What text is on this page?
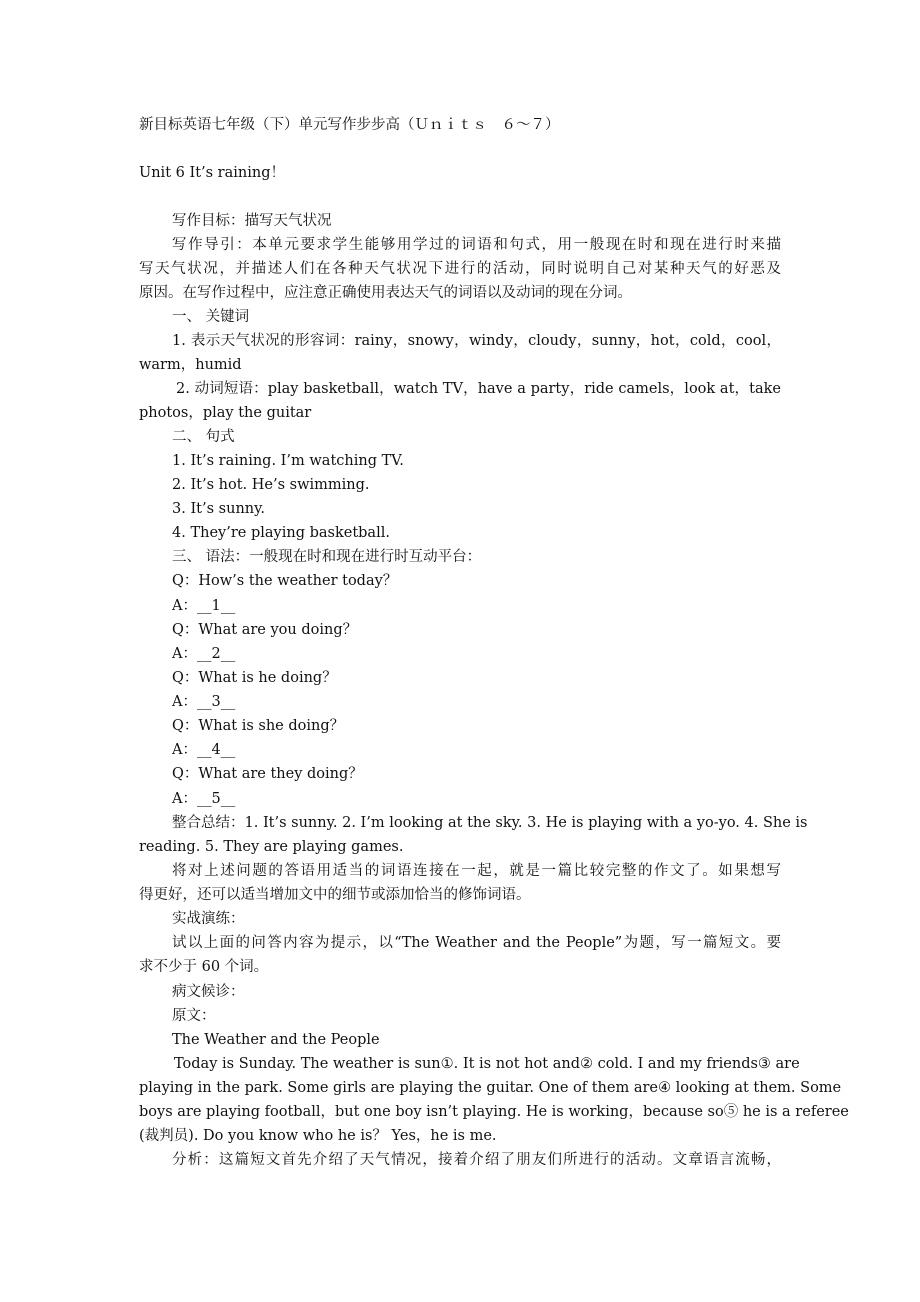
新目标英语七年级（下）单元写作步步高（Ｕｎｉｔｓ　６～７）
Unit 6 It’s raining！
写作目标：描写天气状况
写作导引：本单元要求学生能够用学过的词语和句式，用一般现在时和现在进行时来描
写天气状况，并描述人们在各种天气状况下进行的活动，同时说明自己对某种天气的好恶及
原因。在写作过程中，应注意正确使用表达天气的词语以及动词的现在分词。
一、 关键词
1. 表示天气状况的形容词：rainy，snowy，windy，cloudy，sunny，hot，cold，cool，
warm，humid
2. 动词短语：play basketball，watch TV，have a party，ride camels，look at，take
photos，play the guitar
二、 句式
1. It’s raining. I’m watching TV.
2. It’s hot. He’s swimming.
3. It’s sunny.
4. They’re playing basketball.
三、 语法：一般现在时和现在进行时互动平台：
Q：How’s the weather today？
A：__1__
Q：What are you doing？
A：__2__
Q：What is he doing？
A：__3__
Q：What is she doing？
A：__4__
Q：What are they doing？
A：__5__
整合总结：1. It’s sunny. 2. I’m looking at the sky. 3. He is playing with a yo-yo. 4. She is
reading. 5. They are playing games.
将对上述问题的答语用适当的词语连接在一起，就是一篇比较完整的作文了。如果想写
得更好，还可以适当增加文中的细节或添加恰当的修饰词语。
实战演练：
试以上面的问答内容为提示，以“The Weather and the People”为题，写一篇短文。要
求不少于 60 个词。
病文候诊：
原文：
The Weather and the People
Today is Sunday. The weather is sun①. It is not hot and② cold. I and my friends③ are
playing in the park. Some girls are playing the guitar. One of them are④ looking at them. Some
boys are playing football，but one boy isn’t playing. He is working，because so⑤ he is a referee
(裁判员). Do you know who he is？ Yes，he is me.
分析：这篇短文首先介绍了天气情况，接着介绍了朋友们所进行的活动。文章语言流畅，
